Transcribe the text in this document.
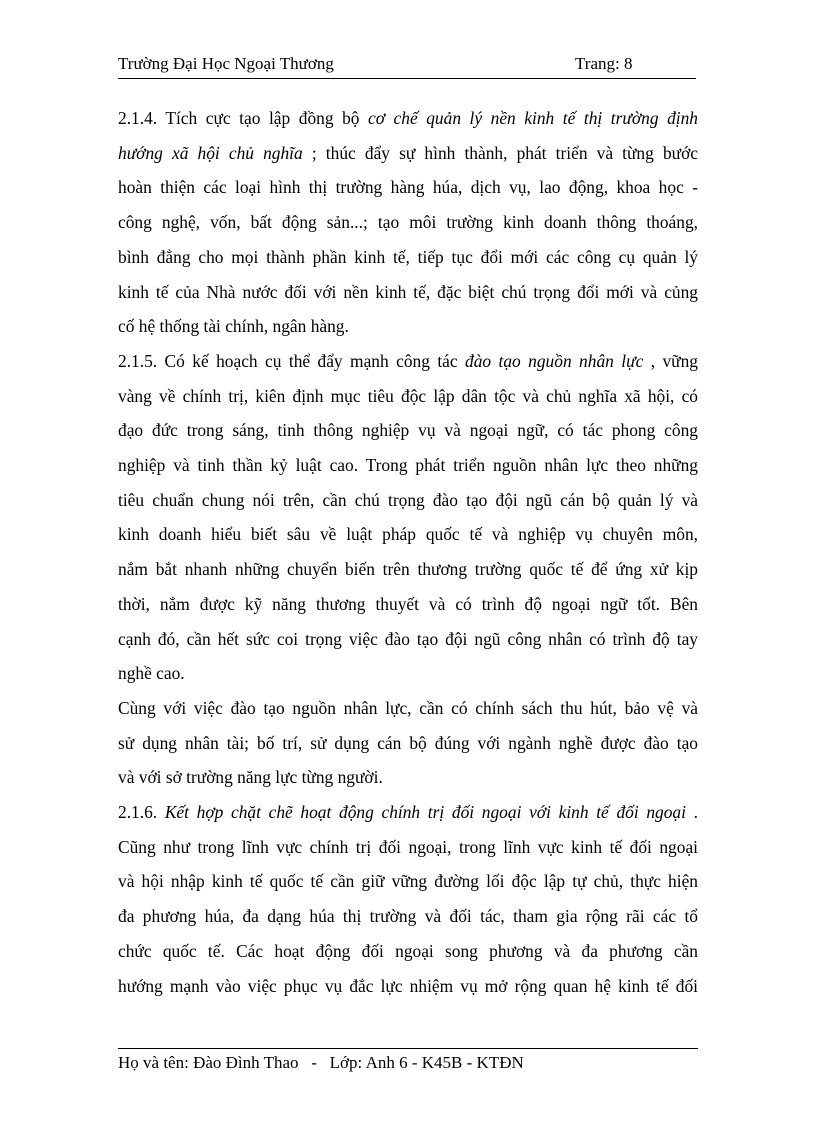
Trường Đại Học Ngoại Thương	Trang: 8
2.1.4. Tích cực tạo lập đồng bộ cơ chế quản lý nền kinh tế thị trường định
hướng xã hội chủ nghĩa ; thúc đẩy sự hình thành, phát triển và từng bước
hoàn thiện các loại hình thị trường hàng húa, dịch vụ, lao động, khoa học -
công nghệ, vốn, bất động sản...; tạo môi trường kinh doanh thông thoáng,
bình đẳng cho mọi thành phần kinh tế, tiếp tục đổi mới các công cụ quản lý
kinh tế của Nhà nước đối với nền kinh tế, đặc biệt chú trọng đổi mới và củng
cố hệ thống tài chính, ngân hàng.
2.1.5. Có kế hoạch cụ thể đẩy mạnh công tác đào tạo nguồn nhân lực , vững
vàng về chính trị, kiên định mục tiêu độc lập dân tộc và chủ nghĩa xã hội, có
đạo đức trong sáng, tinh thông nghiệp vụ và ngoại ngữ, có tác phong công
nghiệp và tinh thần kỷ luật cao. Trong phát triển nguồn nhân lực theo những
tiêu chuẩn chung nói trên, cần chú trọng đào tạo đội ngũ cán bộ quản lý và
kinh doanh hiểu biết sâu về luật pháp quốc tế và nghiệp vụ chuyên môn,
nắm bắt nhanh những chuyển biến trên thương trường quốc tế để ứng xử kịp
thời, nắm được kỹ năng thương thuyết và có trình độ ngoại ngữ tốt. Bên
cạnh đó, cần hết sức coi trọng việc đào tạo đội ngũ công nhân có trình độ tay
nghề cao.
Cùng với việc đào tạo nguồn nhân lực, cần có chính sách thu hút, bảo vệ và
sử dụng nhân tài; bố trí, sử dụng cán bộ đúng với ngành nghề được đào tạo
và với sở trường năng lực từng người.
2.1.6. Kết hợp chặt chẽ hoạt động chính trị đối ngoại với kinh tế đối ngoại .
Cũng như trong lĩnh vực chính trị đối ngoại, trong lĩnh vực kinh tế đối ngoại
và hội nhập kinh tế quốc tế cần giữ vững đường lối độc lập tự chủ, thực hiện
đa phương húa, đa dạng húa thị trường và đối tác, tham gia rộng rãi các tổ
chức quốc tế. Các hoạt động đối ngoại song phương và đa phương cần
hướng mạnh vào việc phục vụ đắc lực nhiệm vụ mở rộng quan hệ kinh tế đối
Họ và tên: Đào Đình Thao   -   Lớp: Anh 6 - K45B - KTĐN
